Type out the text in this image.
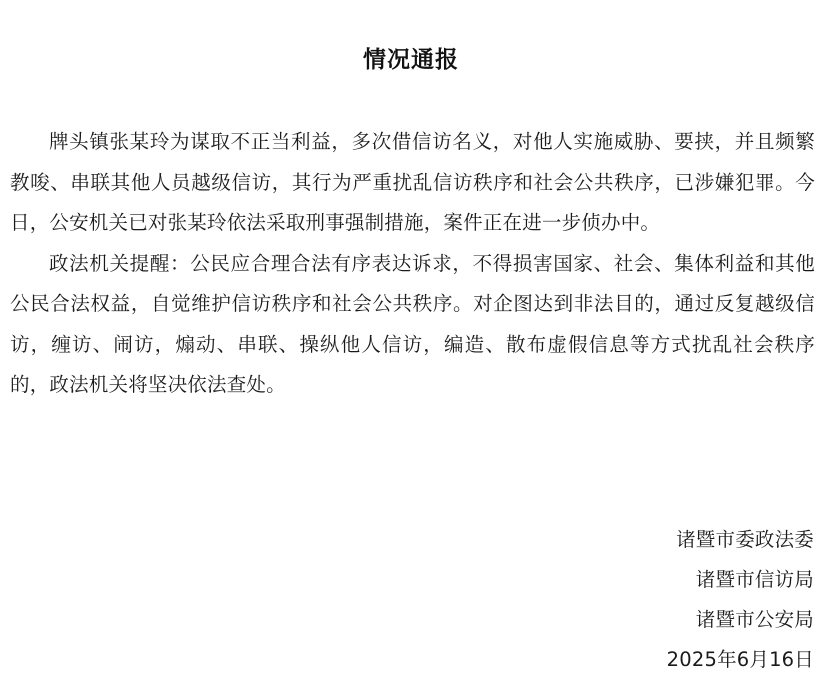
情况通报

牌头镇张某玲为谋取不正当利益，多次借信访名义，对他人实施威胁、要挟，并且频繁教唆、串联其他人员越级信访，其行为严重扰乱信访秩序和社会公共秩序，已涉嫌犯罪。今日，公安机关已对张某玲依法采取刑事强制措施，案件正在进一步侦办中。

政法机关提醒：公民应合理合法有序表达诉求，不得损害国家、社会、集体利益和其他公民合法权益，自觉维护信访秩序和社会公共秩序。对企图达到非法目的，通过反复越级信访，缠访、闹访，煽动、串联、操纵他人信访，编造、散布虚假信息等方式扰乱社会秩序的，政法机关将坚决依法查处。

诸暨市委政法委
诸暨市信访局
诸暨市公安局
2025年6月16日
